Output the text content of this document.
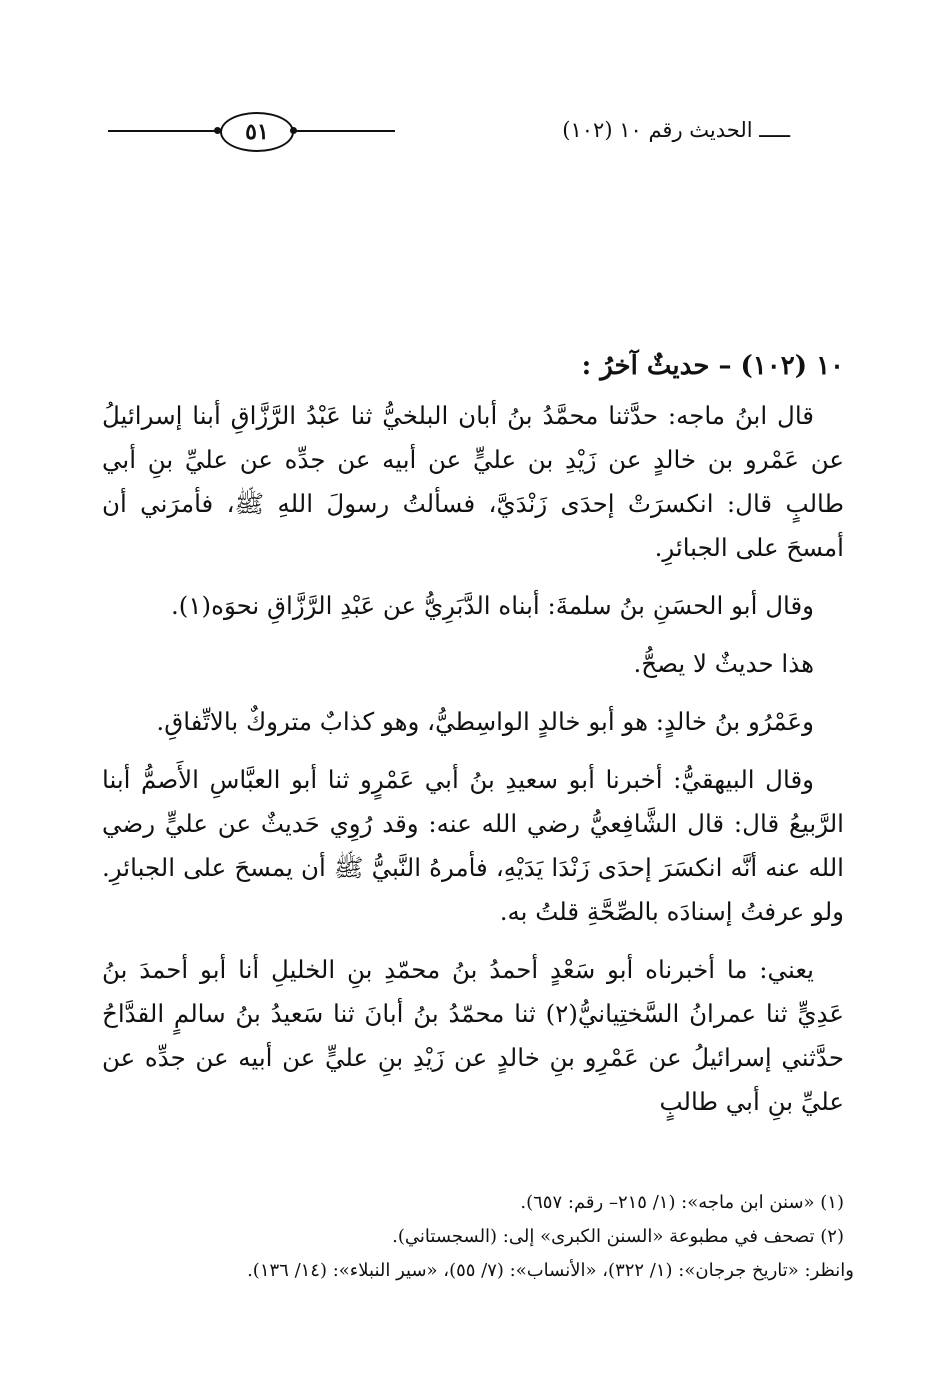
٥١	ـــــ الحديث رقم ١٠ (١٠٢)
١٠ (١٠٢) – حديثٌ آخرُ :

قال ابنُ ماجه: حدَّثنا محمَّدُ بنُ أبان البلخيُّ ثنا عَبْدُ الرَّزَّاقِ أبنا إسرائيلُ عن عَمْرو بن خالدٍ عن زَيْدِ بن عليٍّ عن أبيه عن جدِّه عن عليِّ بنِ أبي طالبٍ قال: انكسرَتْ إحدَى زَنْدَيَّ، فسألتُ رسولَ اللهِ ﷺ، فأمرَني أن أمسحَ على الجبائرِ.

وقال أبو الحسَنِ بنُ سلمةَ: أبناه الدَّبَرِيُّ عن عَبْدِ الرَّزَّاقِ نحوَه(١).

هذا حديثٌ لا يصحُّ.

وعَمْرُو بنُ خالدٍ: هو أبو خالدٍ الواسِطيُّ، وهو كذابٌ متروكٌ بالاتِّفاقِ.

وقال البيهقيُّ: أخبرنا أبو سعيدِ بنُ أبي عَمْرٍو ثنا أبو العبَّاسِ الأَصمُّ أبنا الرَّبيعُ قال: قال الشَّافِعيُّ رضي الله عنه: وقد رُوِي حَديثٌ عن عليٍّ رضي الله عنه أنَّه انكسَرَ إحدَى زَنْدَا يَدَيْهِ، فأمرهُ النَّبيُّ ﷺ أن يمسحَ على الجبائرِ. ولو عرفتُ إسنادَه بالصِّحَّةِ قلتُ به.

يعني: ما أخبرناه أبو سَعْدٍ أحمدُ بنُ محمّدِ بنِ الخليلِ أنا أبو أحمدَ بنُ عَدِيٍّ ثنا عمرانُ السَّختِيانيُّ(٢) ثنا محمّدُ بنُ أبانَ ثنا سَعيدُ بنُ سالمٍ القدَّاحُ حدَّثني إسرائيلُ عن عَمْرِو بنِ خالدٍ عن زَيْدِ بنِ عليٍّ عن أبيه عن جدِّه عن عليِّ بنِ أبي طالبٍ

(١) «سنن ابن ماجه»: (١/ ٢١٥– رقم: ٦٥٧).
(٢) تصحف في مطبوعة «السنن الكبرى» إلى: (السجستاني).
وانظر: «تاريخ جرجان»: (١/ ٣٢٢)، «الأنساب»: (٧/ ٥٥)، «سير النبلاء»: (١٤/ ١٣٦).
